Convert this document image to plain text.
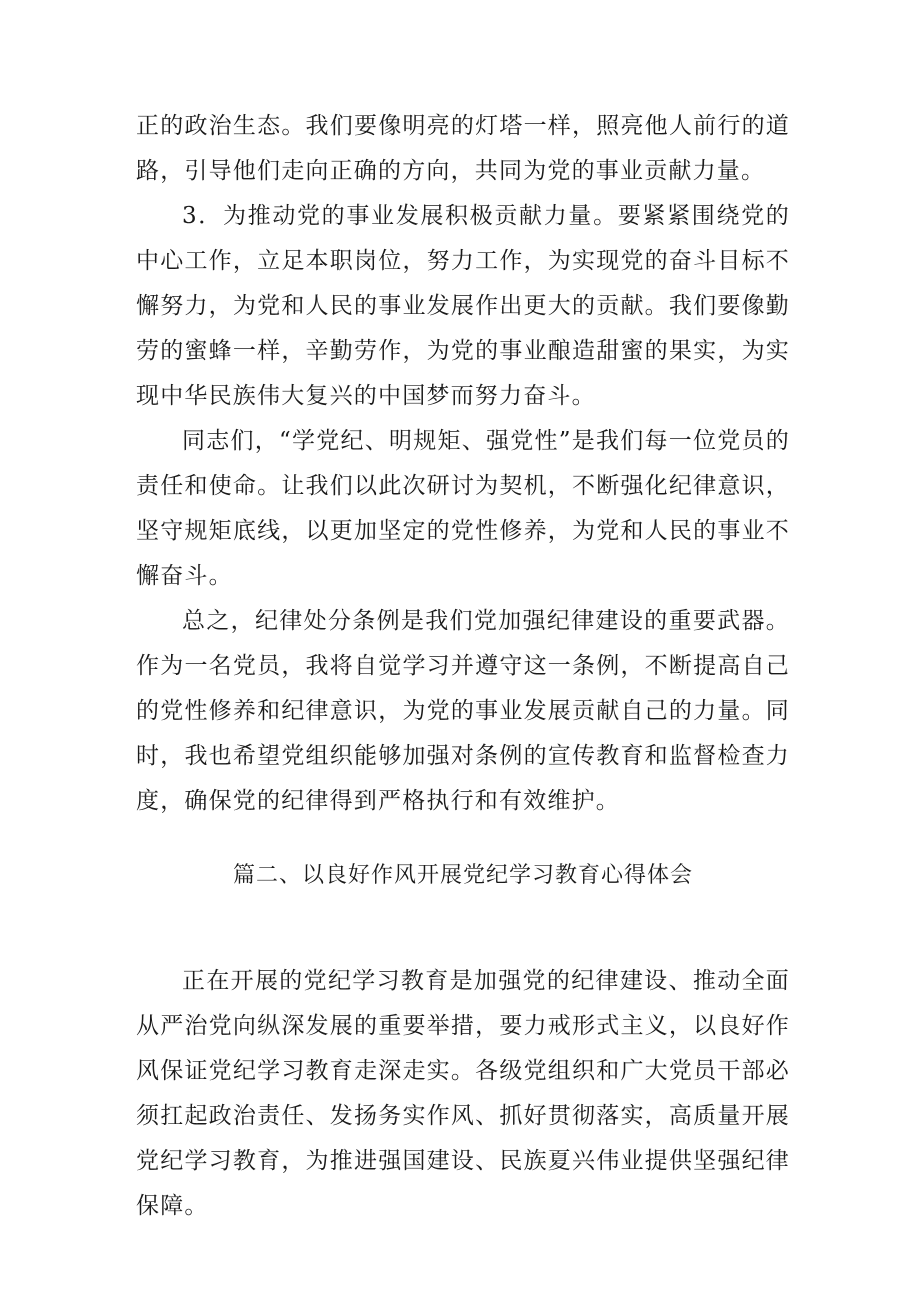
正的政治生态。我们要像明亮的灯塔一样，照亮他人前行的道路，引导他们走向正确的方向，共同为党的事业贡献力量。

3．为推动党的事业发展积极贡献力量。要紧紧围绕党的中心工作，立足本职岗位，努力工作，为实现党的奋斗目标不懈努力，为党和人民的事业发展作出更大的贡献。我们要像勤劳的蜜蜂一样，辛勤劳作，为党的事业酿造甜蜜的果实，为实现中华民族伟大复兴的中国梦而努力奋斗。

同志们，“学党纪、明规矩、强党性”是我们每一位党员的责任和使命。让我们以此次研讨为契机，不断强化纪律意识，坚守规矩底线，以更加坚定的党性修养，为党和人民的事业不懈奋斗。

总之，纪律处分条例是我们党加强纪律建设的重要武器。作为一名党员，我将自觉学习并遵守这一条例，不断提高自己的党性修养和纪律意识，为党的事业发展贡献自己的力量。同时，我也希望党组织能够加强对条例的宣传教育和监督检查力度，确保党的纪律得到严格执行和有效维护。

篇二、以良好作风开展党纪学习教育心得体会

正在开展的党纪学习教育是加强党的纪律建设、推动全面从严治党向纵深发展的重要举措，要力戒形式主义，以良好作风保证党纪学习教育走深走实。各级党组织和广大党员干部必须扛起政治责任、发扬务实作风、抓好贯彻落实，高质量开展党纪学习教育，为推进强国建设、民族夏兴伟业提供坚强纪律保障。
